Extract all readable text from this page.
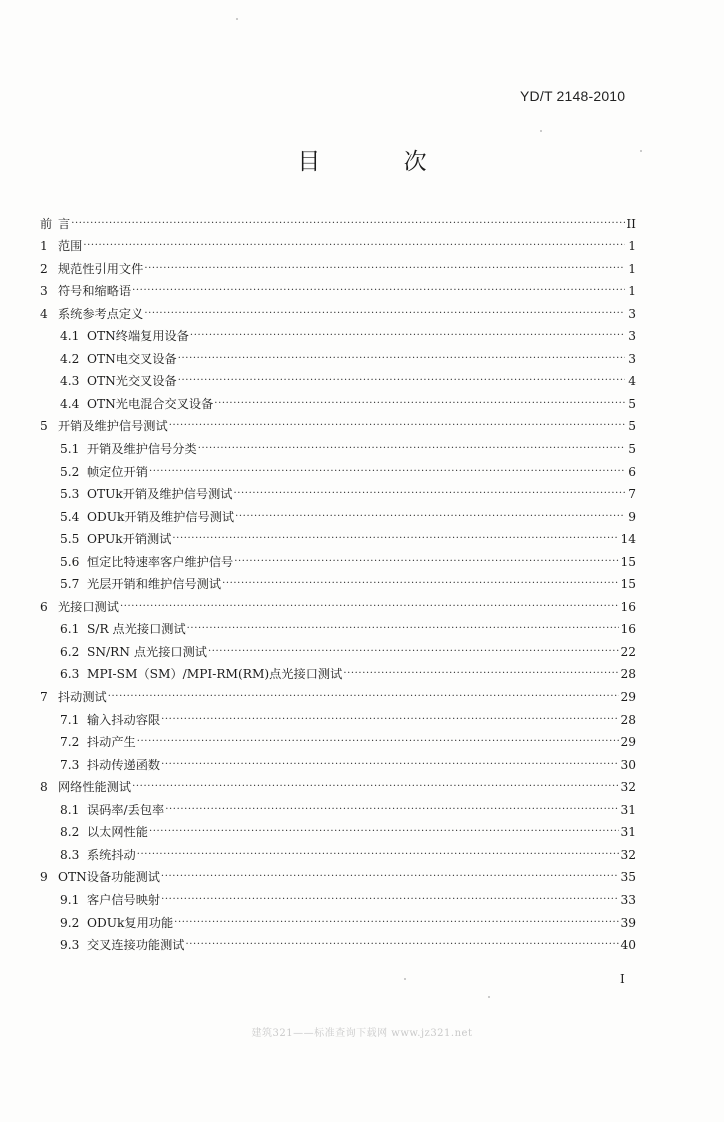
YD/T 2148-2010
目 次
前 言 ·····	II
1 范围 ·····	1
2 规范性引用文件 ·····	1
3 符号和缩略语 ·····	1
4 系统参考点定义 ·····	3
4.1 OTN终端复用设备 ·····	3
4.2 OTN电交叉设备 ·····	3
4.3 OTN光交叉设备 ·····	4
4.4 OTN光电混合交叉设备 ·····	5
5 开销及维护信号测试 ·····	5
5.1 开销及维护信号分类 ·····	5
5.2 帧定位开销 ·····	6
5.3 OTUk开销及维护信号测试 ·····	7
5.4 ODUk开销及维护信号测试 ·····	9
5.5 OPUk开销测试 ·····	14
5.6 恒定比特速率客户维护信号 ·····	15
5.7 光层开销和维护信号测试 ·····	15
6 光接口测试 ·····	16
6.1 S/R 点光接口测试 ·····	16
6.2 SN/RN 点光接口测试 ·····	22
6.3 MPI-SM（SM）/MPI-RM(RM)点光接口测试 ·····	28
7 抖动测试 ·····	29
7.1 输入抖动容限 ·····	28
7.2 抖动产生 ·····	29
7.3 抖动传递函数 ·····	30
8 网络性能测试 ·····	32
8.1 误码率/丢包率 ·····	31
8.2 以太网性能 ·····	31
8.3 系统抖动 ·····	32
9 OTN设备功能测试 ·····	35
9.1 客户信号映射 ·····	33
9.2 ODUk复用功能 ·····	39
9.3 交叉连接功能测试 ·····	40
I
建筑321——标准查询下载网 www.jz321.net
